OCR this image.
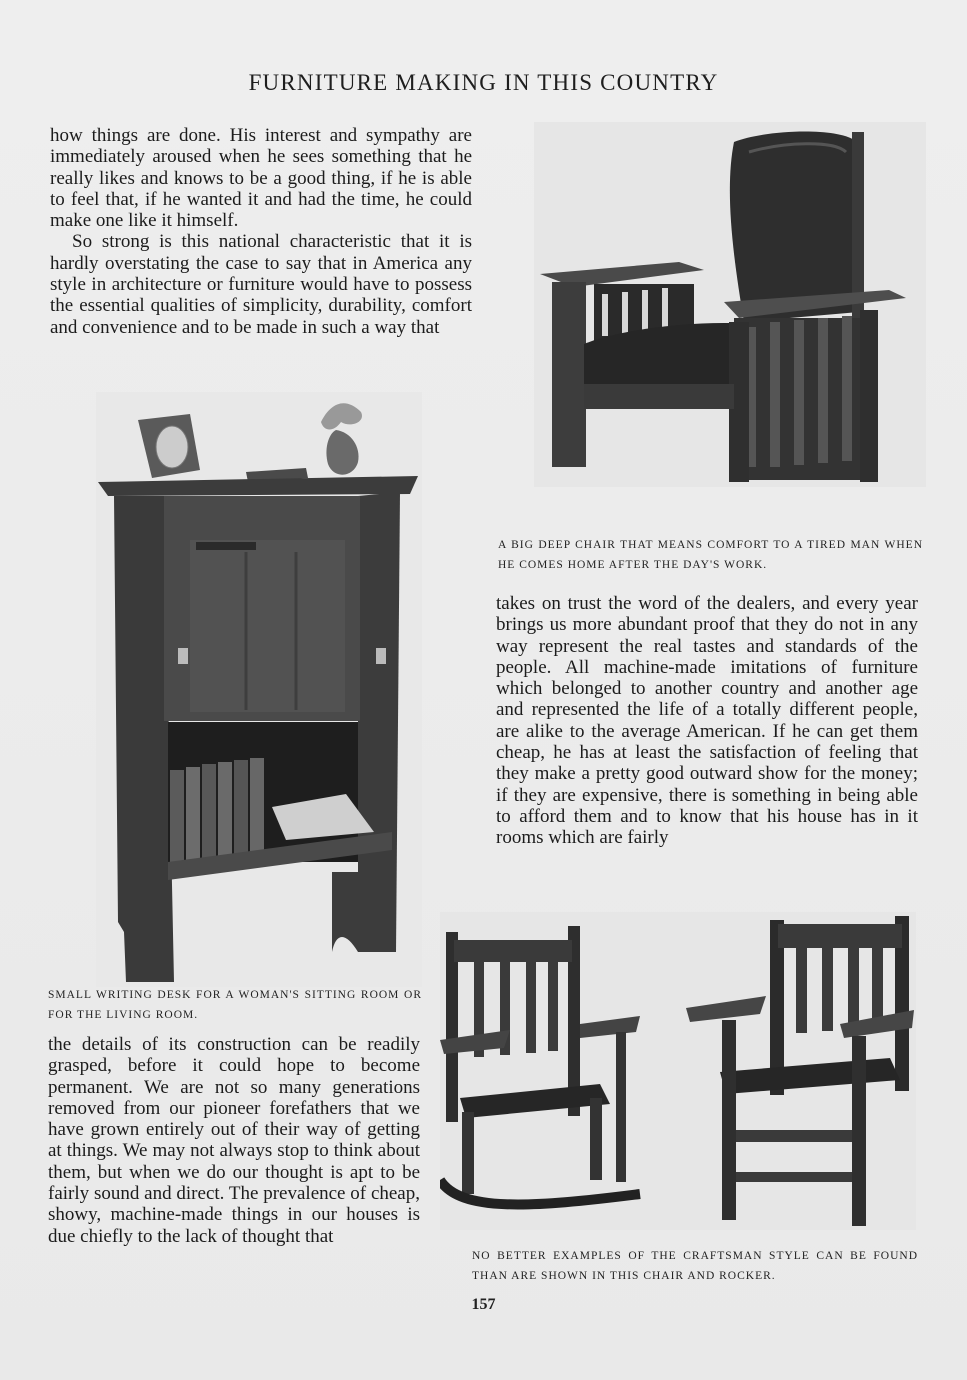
FURNITURE MAKING IN THIS COUNTRY

how things are done. His interest and sympathy are immediately aroused when he sees something that he really likes and knows to be a good thing, if he is able to feel that, if he wanted it and had the time, he could make one like it himself.

So strong is this national characteristic that it is hardly overstating the case to say that in America any style in architecture or furniture would have to possess the essential qualities of simplicity, durability, comfort and convenience and to be made in such a way that

A BIG DEEP CHAIR THAT MEANS COMFORT TO A TIRED MAN WHEN HE COMES HOME AFTER THE DAY'S WORK.

takes on trust the word of the dealers, and every year brings us more abundant proof that they do not in any way represent the real tastes and standards of the people. All machine-made imitations of furniture which belonged to another country and another age and represented the life of a totally different people, are alike to the average American. If he can get them cheap, he has at least the satisfaction of feeling that they make a pretty good outward show for the money; if they are expensive, there is something in being able to afford them and to know that his house has in it rooms which are fairly

SMALL WRITING DESK FOR A WOMAN'S SITTING ROOM OR FOR THE LIVING ROOM.

the details of its construction can be readily grasped, before it could hope to become permanent. We are not so many generations removed from our pioneer forefathers that we have grown entirely out of their way of getting at things. We may not always stop to think about them, but when we do our thought is apt to be fairly sound and direct. The prevalence of cheap, showy, machine-made things in our houses is due chiefly to the lack of thought that

NO BETTER EXAMPLES OF THE CRAFTSMAN STYLE CAN BE FOUND THAN ARE SHOWN IN THIS CHAIR AND ROCKER.
157
